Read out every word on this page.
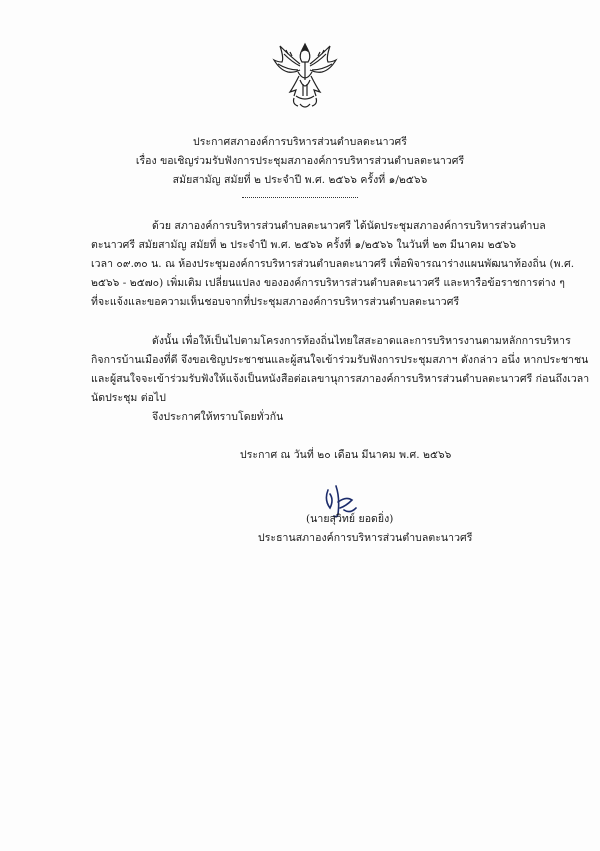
ประกาศสภาองค์การบริหารส่วนตำบลตะนาวศรี
เรื่อง ขอเชิญร่วมรับฟังการประชุมสภาองค์การบริหารส่วนตำบลตะนาวศรี
สมัยสามัญ สมัยที่ ๒ ประจำปี พ.ศ. ๒๕๖๖ ครั้งที่ ๑/๒๕๖๖
ด้วย สภาองค์การบริหารส่วนตำบลตะนาวศรี ได้นัดประชุมสภาองค์การบริหารส่วนตำบล
ตะนาวศรี สมัยสามัญ สมัยที่ ๒ ประจำปี พ.ศ. ๒๕๖๖ ครั้งที่ ๑/๒๕๖๖ ในวันที่ ๒๓ มีนาคม ๒๕๖๖
เวลา ๐๙.๓๐ น. ณ ห้องประชุมองค์การบริหารส่วนตำบลตะนาวศรี เพื่อพิจารณาร่างแผนพัฒนาท้องถิ่น (พ.ศ.
๒๕๖๖ - ๒๕๗๐) เพิ่มเติม เปลี่ยนแปลง ขององค์การบริหารส่วนตำบลตะนาวศรี และหารือข้อราชการต่าง ๆ
ที่จะแจ้งและขอความเห็นชอบจากที่ประชุมสภาองค์การบริหารส่วนตำบลตะนาวศรี
ดังนั้น เพื่อให้เป็นไปตามโครงการท้องถิ่นไทยใสสะอาดและการบริหารงานตามหลักการบริหาร
กิจการบ้านเมืองที่ดี จึงขอเชิญประชาชนและผู้สนใจเข้าร่วมรับฟังการประชุมสภาฯ ดังกล่าว อนึ่ง หากประชาชน
และผู้สนใจจะเข้าร่วมรับฟังให้แจ้งเป็นหนังสือต่อเลขานุการสภาองค์การบริหารส่วนตำบลตะนาวศรี ก่อนถึงเวลา
นัดประชุม ต่อไป
จึงประกาศให้ทราบโดยทั่วกัน
ประกาศ ณ วันที่ ๒๐ เดือน มีนาคม พ.ศ. ๒๕๖๖
(นายสุวิทย์ ยอดยิ่ง)
ประธานสภาองค์การบริหารส่วนตำบลตะนาวศรี
